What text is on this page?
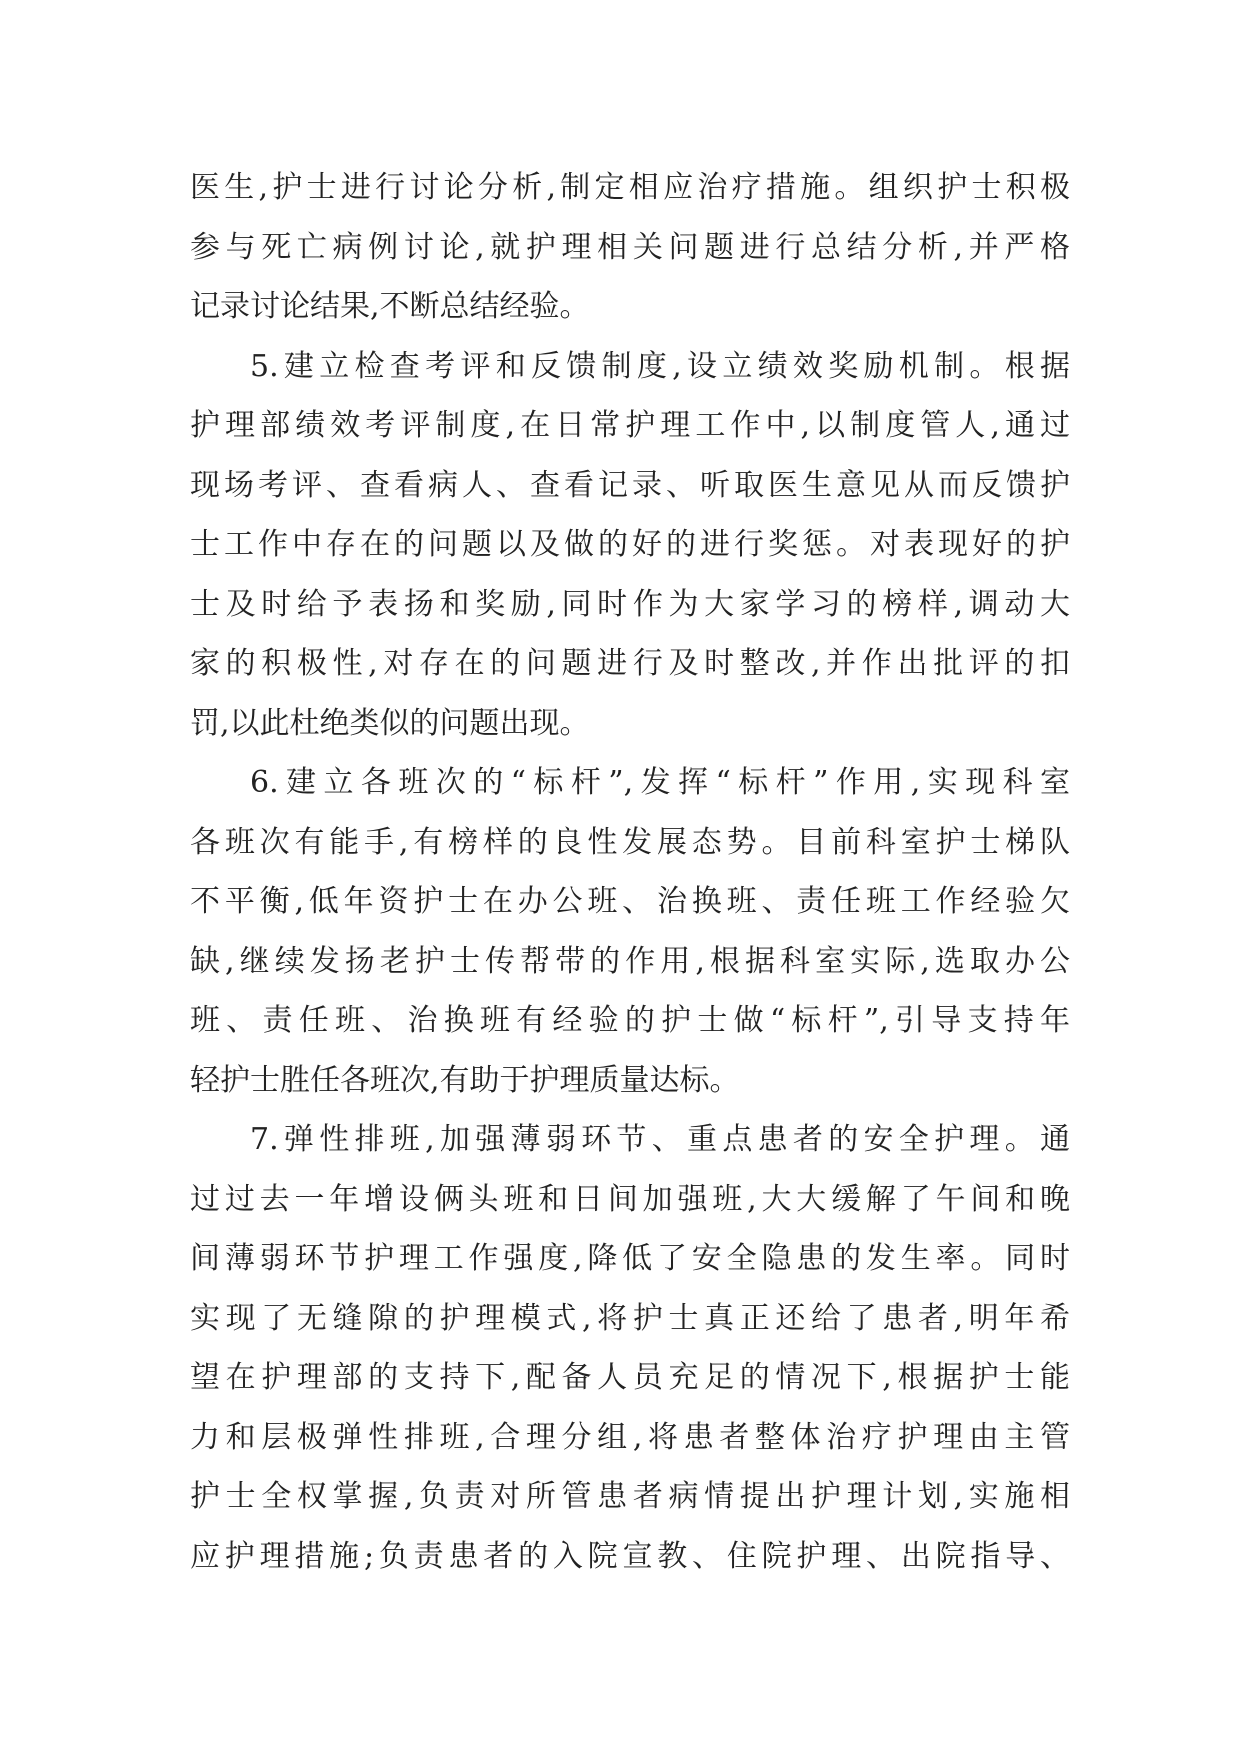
医生,护士进行讨论分析,制定相应治疗措施。组织护士积极
参与死亡病例讨论,就护理相关问题进行总结分析,并严格
记录讨论结果,不断总结经验。
5.建立检查考评和反馈制度,设立绩效奖励机制。根据
护理部绩效考评制度,在日常护理工作中,以制度管人,通过
现场考评、查看病人、查看记录、听取医生意见从而反馈护
士工作中存在的问题以及做的好的进行奖惩。对表现好的护
士及时给予表扬和奖励,同时作为大家学习的榜样,调动大
家的积极性,对存在的问题进行及时整改,并作出批评的扣
罚,以此杜绝类似的问题出现。
6.建立各班次的“标杆”,发挥“标杆”作用,实现科室
各班次有能手,有榜样的良性发展态势。目前科室护士梯队
不平衡,低年资护士在办公班、治换班、责任班工作经验欠
缺,继续发扬老护士传帮带的作用,根据科室实际,选取办公
班、责任班、治换班有经验的护士做“标杆”,引导支持年
轻护士胜任各班次,有助于护理质量达标。
7.弹性排班,加强薄弱环节、重点患者的安全护理。通
过过去一年增设俩头班和日间加强班,大大缓解了午间和晚
间薄弱环节护理工作强度,降低了安全隐患的发生率。同时
实现了无缝隙的护理模式,将护士真正还给了患者,明年希
望在护理部的支持下,配备人员充足的情况下,根据护士能
力和层极弹性排班,合理分组,将患者整体治疗护理由主管
护士全权掌握,负责对所管患者病情提出护理计划,实施相
应护理措施;负责患者的入院宣教、住院护理、出院指导、
